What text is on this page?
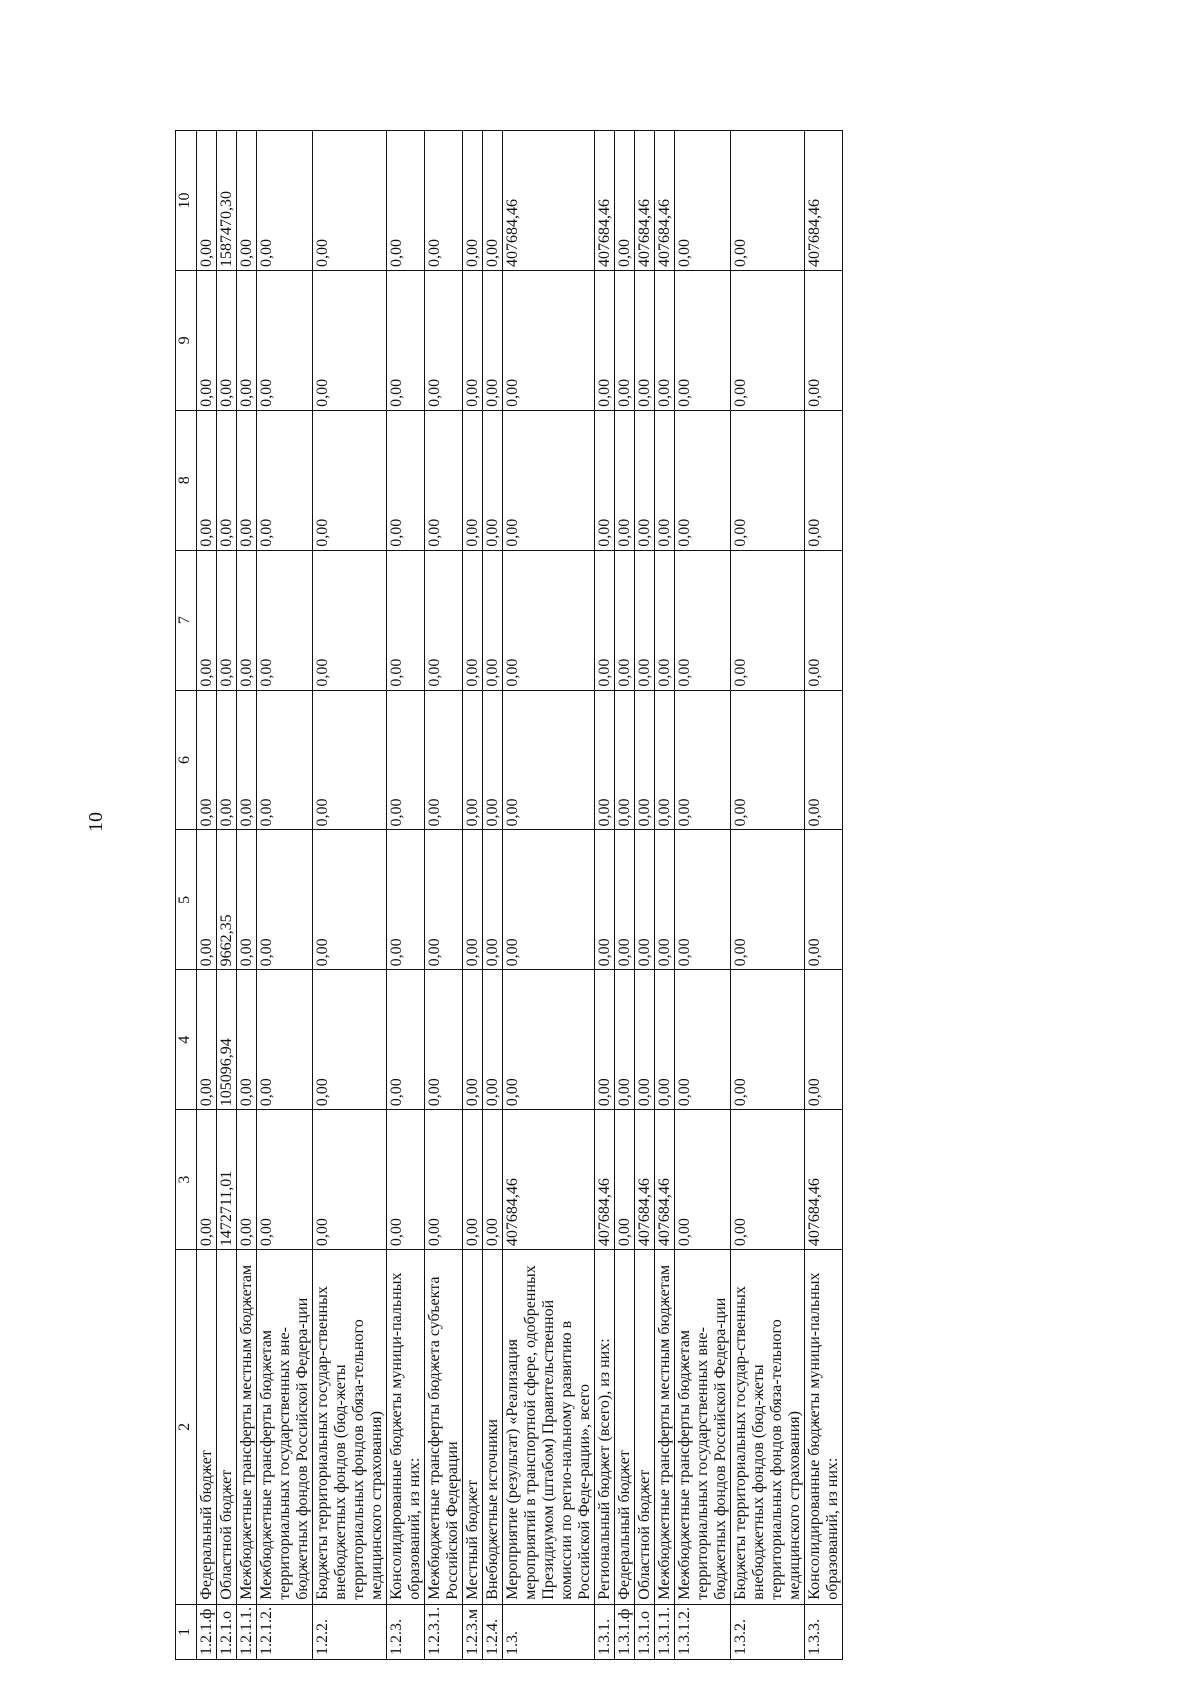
10
1	2	3	4	5	6	7	8	9	10
1.2.1.ф	Федеральный бюджет	0,00	0,00	0,00	0,00	0,00	0,00	0,00	0,00
1.2.1.о	Областной бюджет	1472711,01	105096,94	9662,35	0,00	0,00	0,00	0,00	1587470,30
1.2.1.1.	Межбюджетные трансферты местным бюджетам	0,00	0,00	0,00	0,00	0,00	0,00	0,00	0,00
1.2.1.2.	Межбюджетные трансферты бюджетам территориальных государственных вне-бюджетных фондов Российской Федера-ции	0,00	0,00	0,00	0,00	0,00	0,00	0,00	0,00
1.2.2.	Бюджеты территориальных государ-ственных внебюджетных фондов (бюд-жеты территориальных фондов обяза-тельного медицинского страхования)	0,00	0,00	0,00	0,00	0,00	0,00	0,00	0,00
1.2.3.	Консолидированные бюджеты муници-пальных образований, из них:	0,00	0,00	0,00	0,00	0,00	0,00	0,00	0,00
1.2.3.1.	Межбюджетные трансферты бюджета субъекта Российской Федерации	0,00	0,00	0,00	0,00	0,00	0,00	0,00	0,00
1.2.3.м	Местный бюджет	0,00	0,00	0,00	0,00	0,00	0,00	0,00	0,00
1.2.4.	Внебюджетные источники	0,00	0,00	0,00	0,00	0,00	0,00	0,00	0,00
1.3.	Мероприятие (результат) «Реализация мероприятий в транспортной сфере, одобренных Президиумом (штабом) Правительственной комиссии по регио-нальному развитию в Российской Феде-рации», всего	407684,46	0,00	0,00	0,00	0,00	0,00	0,00	407684,46
1.3.1.	Региональный бюджет (всего), из них:	407684,46	0,00	0,00	0,00	0,00	0,00	0,00	407684,46
1.3.1.ф	Федеральный бюджет	0,00	0,00	0,00	0,00	0,00	0,00	0,00	0,00
1.3.1.о	Областной бюджет	407684,46	0,00	0,00	0,00	0,00	0,00	0,00	407684,46
1.3.1.1.	Межбюджетные трансферты местным бюджетам	407684,46	0,00	0,00	0,00	0,00	0,00	0,00	407684,46
1.3.1.2.	Межбюджетные трансферты бюджетам территориальных государственных вне-бюджетных фондов Российской Федера-ции	0,00	0,00	0,00	0,00	0,00	0,00	0,00	0,00
1.3.2.	Бюджеты территориальных государ-ственных внебюджетных фондов (бюд-жеты территориальных фондов обяза-тельного медицинского страхования)	0,00	0,00	0,00	0,00	0,00	0,00	0,00	0,00
1.3.3.	Консолидированные бюджеты муници-пальных образований, из них:	407684,46	0,00	0,00	0,00	0,00	0,00	0,00	407684,46
